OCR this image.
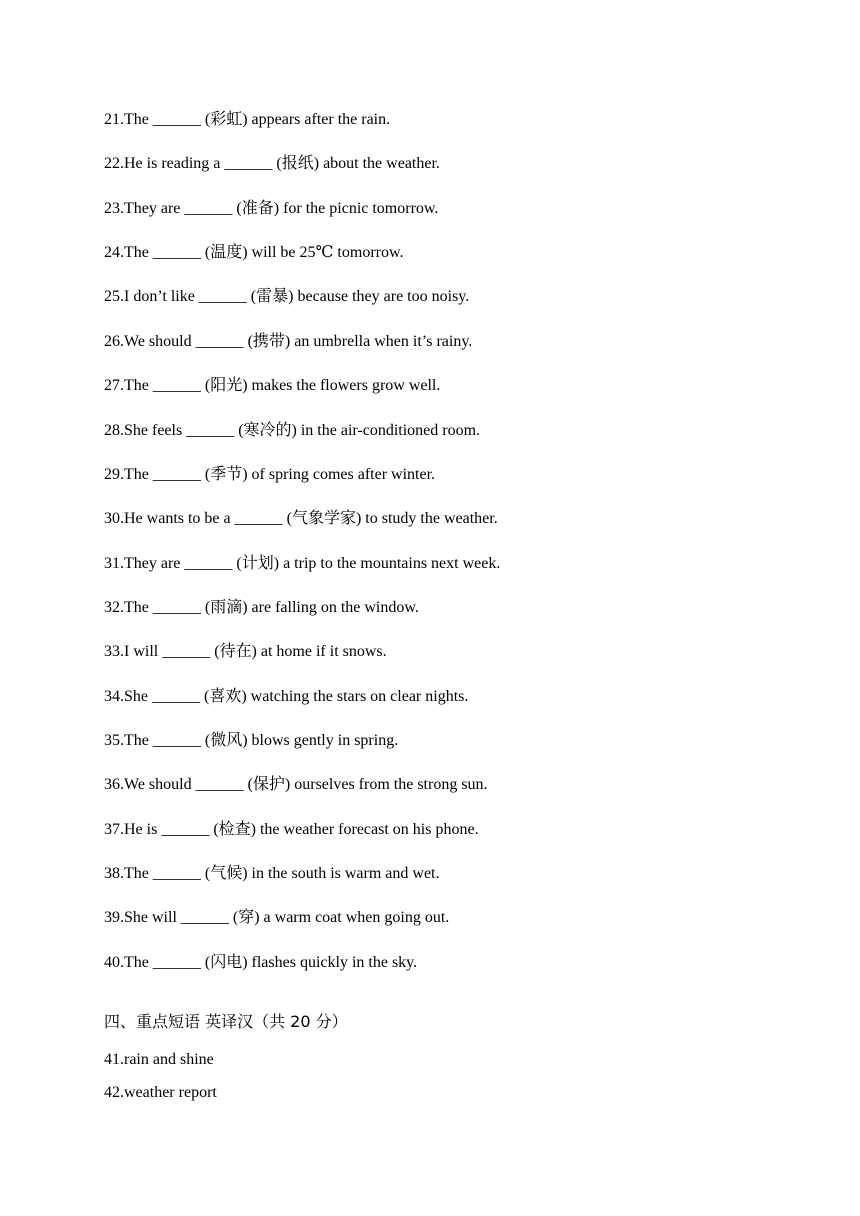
21.The ______ (彩虹) appears after the rain.
22.He is reading a ______ (报纸) about the weather.
23.They are ______ (准备) for the picnic tomorrow.
24.The ______ (温度) will be 25℃ tomorrow.
25.I don’t like ______ (雷暴) because they are too noisy.
26.We should ______ (携带) an umbrella when it’s rainy.
27.The ______ (阳光) makes the flowers grow well.
28.She feels ______ (寒冷的) in the air-conditioned room.
29.The ______ (季节) of spring comes after winter.
30.He wants to be a ______ (气象学家) to study the weather.
31.They are ______ (计划) a trip to the mountains next week.
32.The ______ (雨滴) are falling on the window.
33.I will ______ (待在) at home if it snows.
34.She ______ (喜欢) watching the stars on clear nights.
35.The ______ (微风) blows gently in spring.
36.We should ______ (保护) ourselves from the strong sun.
37.He is ______ (检查) the weather forecast on his phone.
38.The ______ (气候) in the south is warm and wet.
39.She will ______ (穿) a warm coat when going out.
40.The ______ (闪电) flashes quickly in the sky.
四、重点短语 英译汉（共 20 分）
41.rain and shine
42.weather report
